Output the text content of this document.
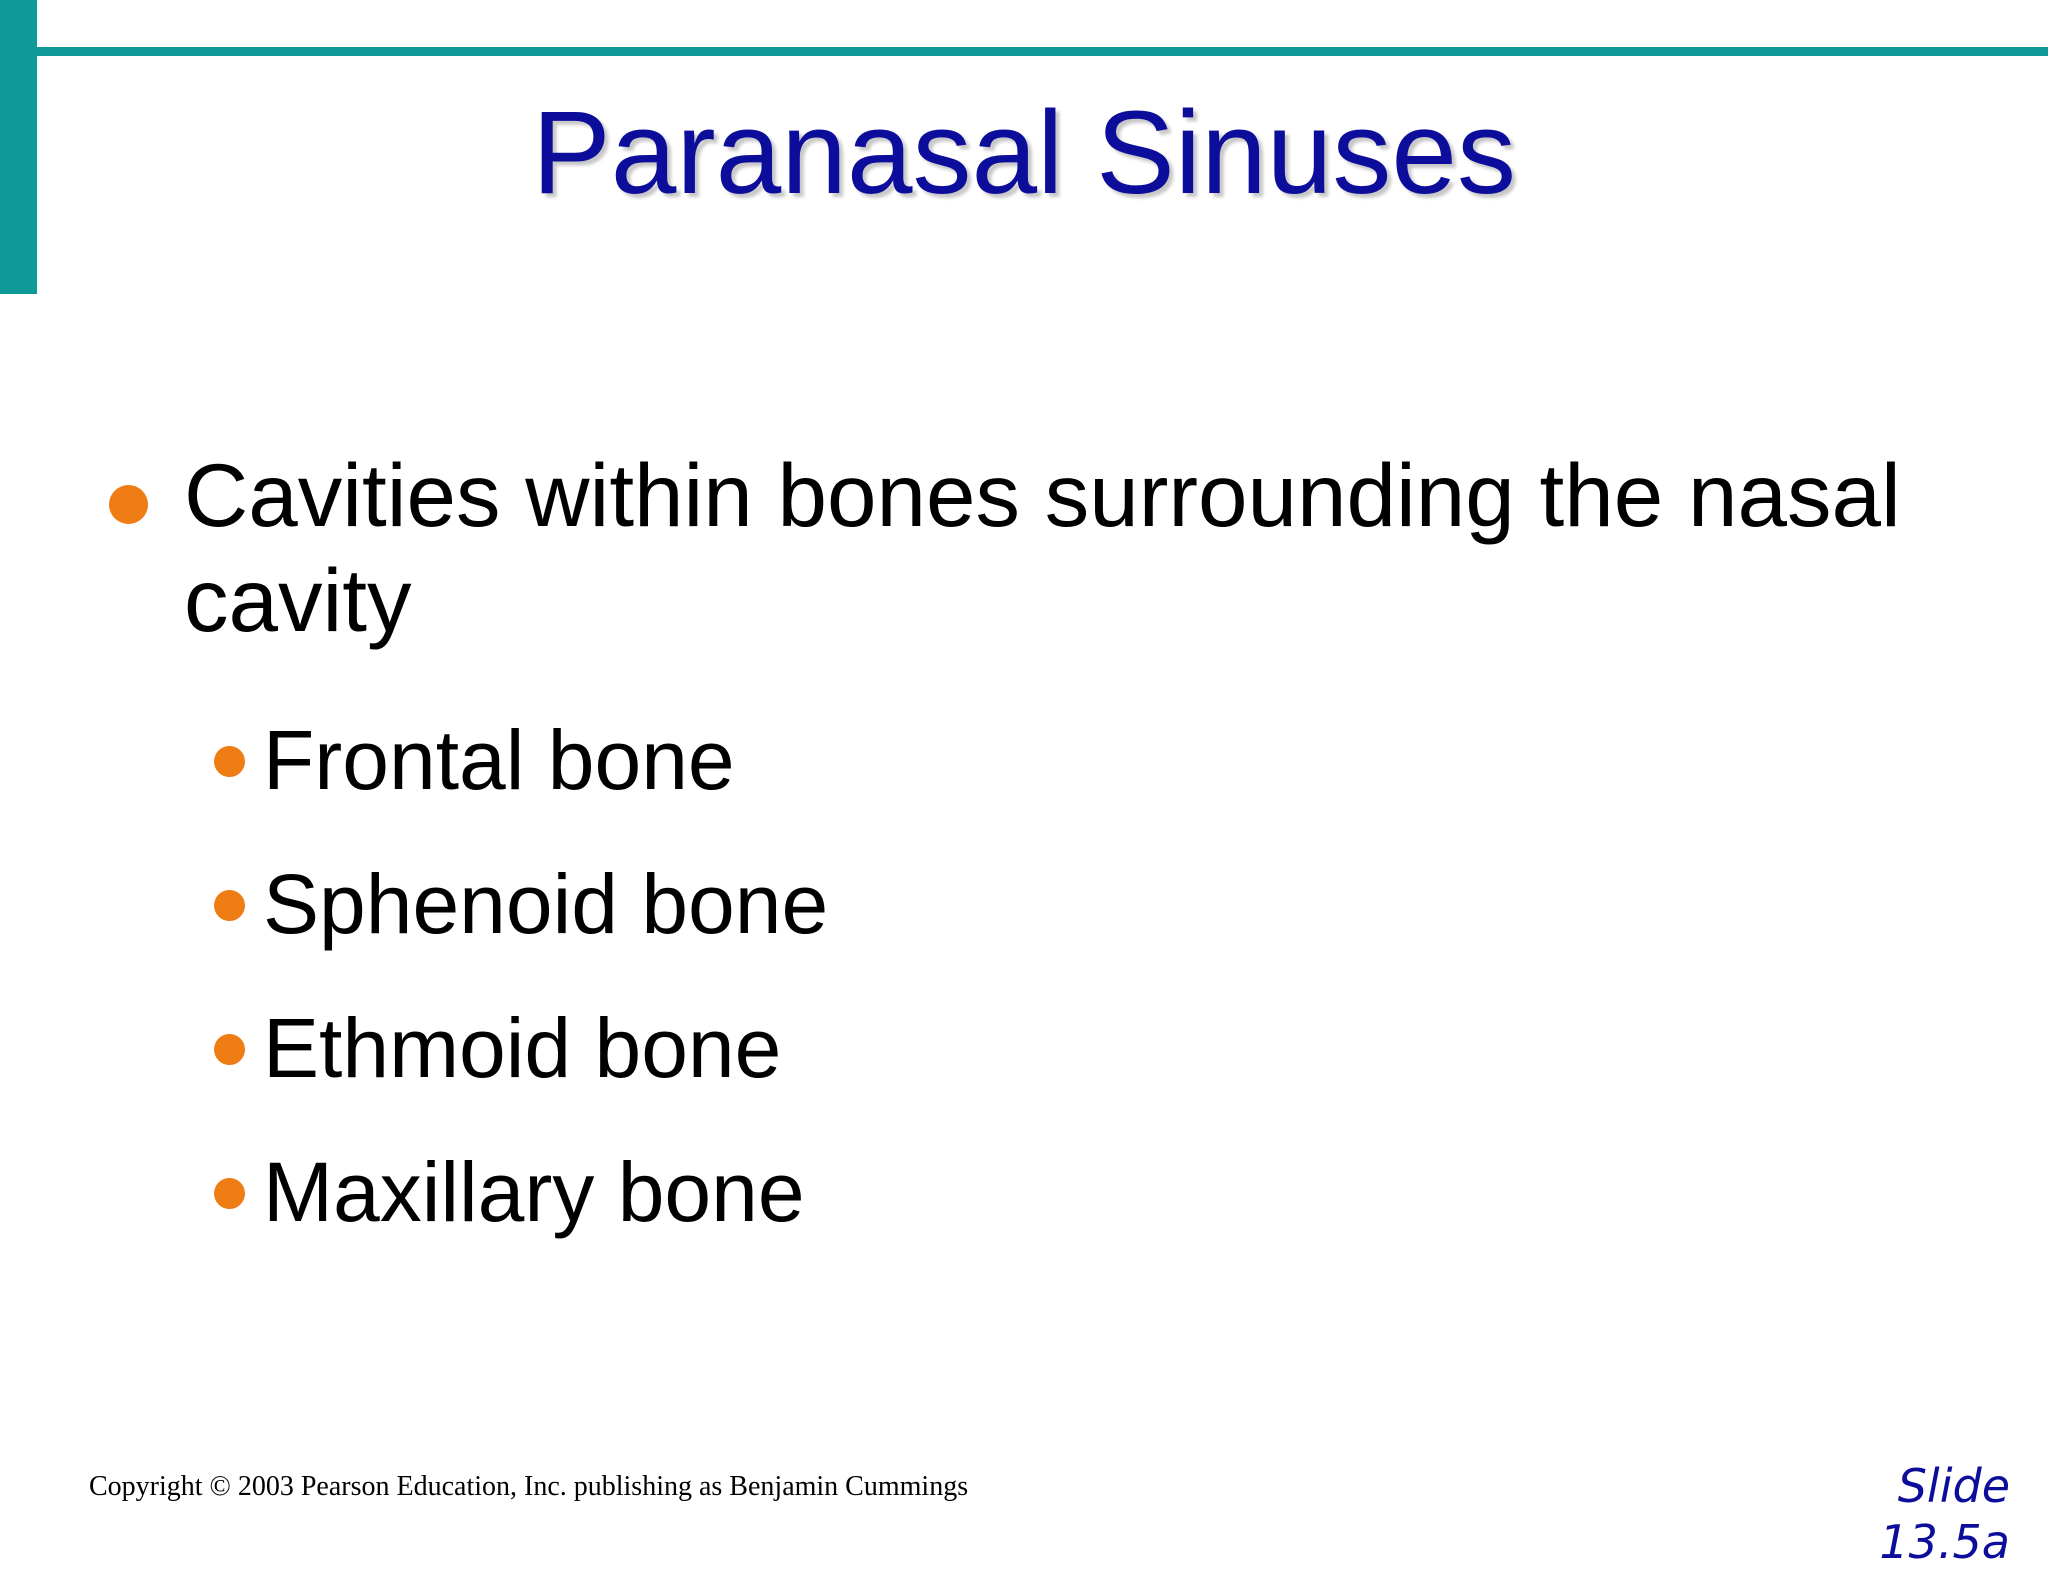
Paranasal Sinuses
Cavities within bones surrounding the nasal cavity
Frontal bone
Sphenoid bone
Ethmoid bone
Maxillary bone
Copyright © 2003 Pearson Education, Inc. publishing as Benjamin Cummings	Slide
13.5a
